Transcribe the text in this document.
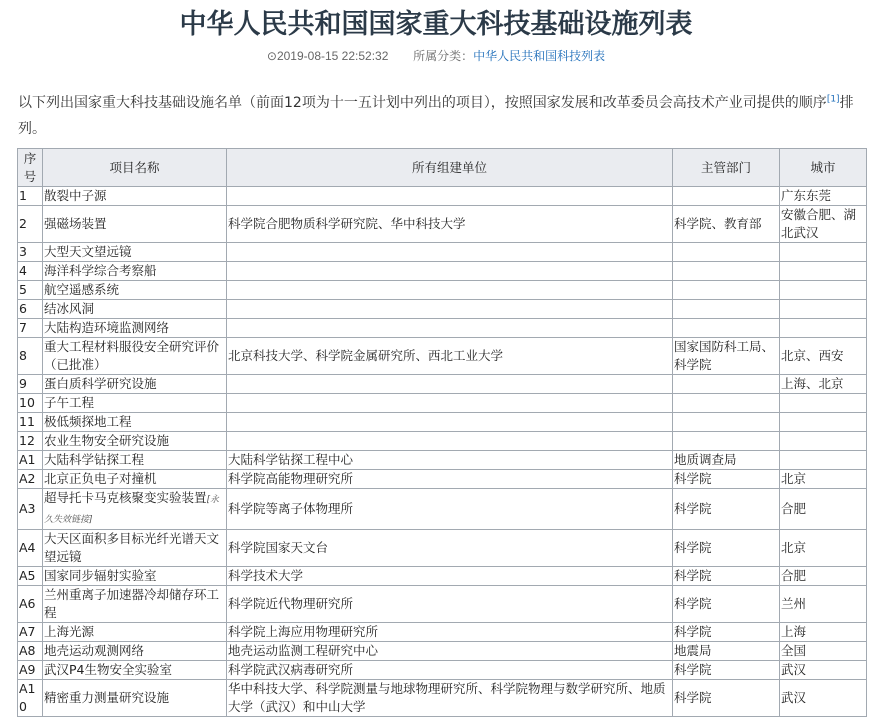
中华人民共和国国家重大科技基础设施列表
⊙2019-08-15 22:52:32 所属分类：中华人民共和国科技列表
以下列出国家重大科技基础设施名单（前面12项为十一五计划中列出的项目），按照国家发展和改革委员会高技术产业司提供的顺序[1]排列。
序号	项目名称	所有组建单位	主管部门	城市
1	散裂中子源			广东东莞
2	强磁场装置	科学院合肥物质科学研究院、华中科技大学	科学院、教育部	安徽合肥、湖北武汉
3	大型天文望远镜			
4	海洋科学综合考察船			
5	航空遥感系统			
6	结冰风洞			
7	大陆构造环境监测网络			
8	重大工程材料服役安全研究评价（已批准）	北京科技大学、科学院金属研究所、西北工业大学	国家国防科工局、科学院	北京、西安
9	蛋白质科学研究设施			上海、北京
10	子午工程			
11	极低频探地工程			
12	农业生物安全研究设施			
A1	大陆科学钻探工程	大陆科学钻探工程中心	地质调查局	
A2	北京正负电子对撞机	科学院高能物理研究所	科学院	北京
A3	超导托卡马克核聚变实验装置[永久失效链接]	科学院等离子体物理所	科学院	合肥
A4	大天区面积多目标光纤光谱天文望远镜	科学院国家天文台	科学院	北京
A5	国家同步辐射实验室	科学技术大学	科学院	合肥
A6	兰州重离子加速器冷却储存环工程	科学院近代物理研究所	科学院	兰州
A7	上海光源	科学院上海应用物理研究所	科学院	上海
A8	地壳运动观测网络	地壳运动监测工程研究中心	地震局	全国
A9	武汉P4生物安全实验室	科学院武汉病毒研究所	科学院	武汉
A10	精密重力测量研究设施	华中科技大学、科学院测量与地球物理研究所、科学院物理与数学研究所、地质大学（武汉）和中山大学	科学院	武汉
